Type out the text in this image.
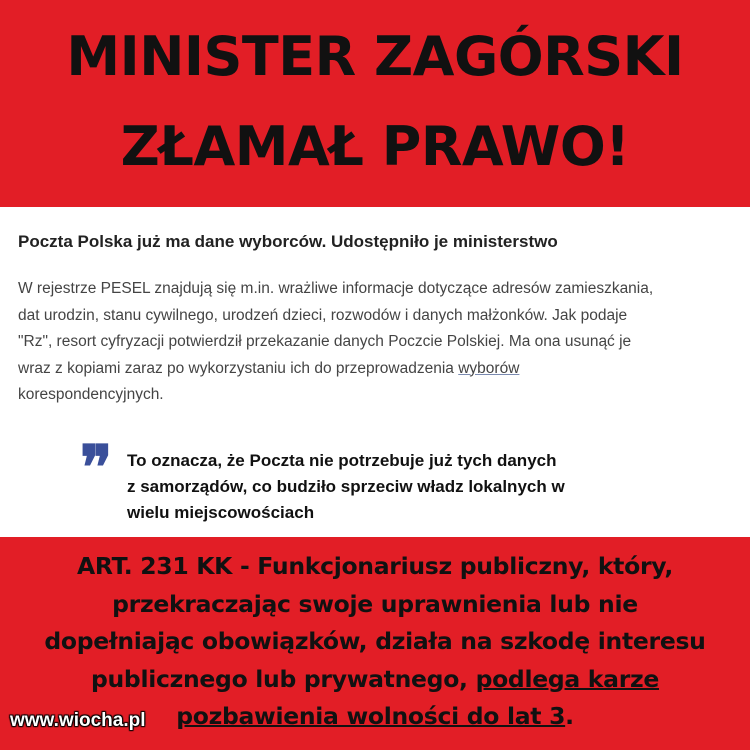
MINISTER ZAGÓRSKI
ZŁAMAŁ PRAWO!
Poczta Polska już ma dane wyborców. Udostępniło je ministerstwo
W rejestrze PESEL znajdują się m.in. wrażliwe informacje dotyczące adresów zamieszkania,
dat urodzin, stanu cywilnego, urodzeń dzieci, rozwodów i danych małżonków. Jak podaje
"Rz", resort cyfryzacji potwierdził przekazanie danych Poczcie Polskiej. Ma ona usunąć je
wraz z kopiami zaraz po wykorzystaniu ich do przeprowadzenia wyborów
korespondencyjnych.
❞ To oznacza, że Poczta nie potrzebuje już tych danych
z samorządów, co budziło sprzeciw władz lokalnych w
wielu miejscowościach
ART. 231 KK - Funkcjonariusz publiczny, który,
przekraczając swoje uprawnienia lub nie
dopełniając obowiązków, działa na szkodę interesu
publicznego lub prywatnego, podlega karze
pozbawienia wolności do lat 3.
www.wiocha.pl
